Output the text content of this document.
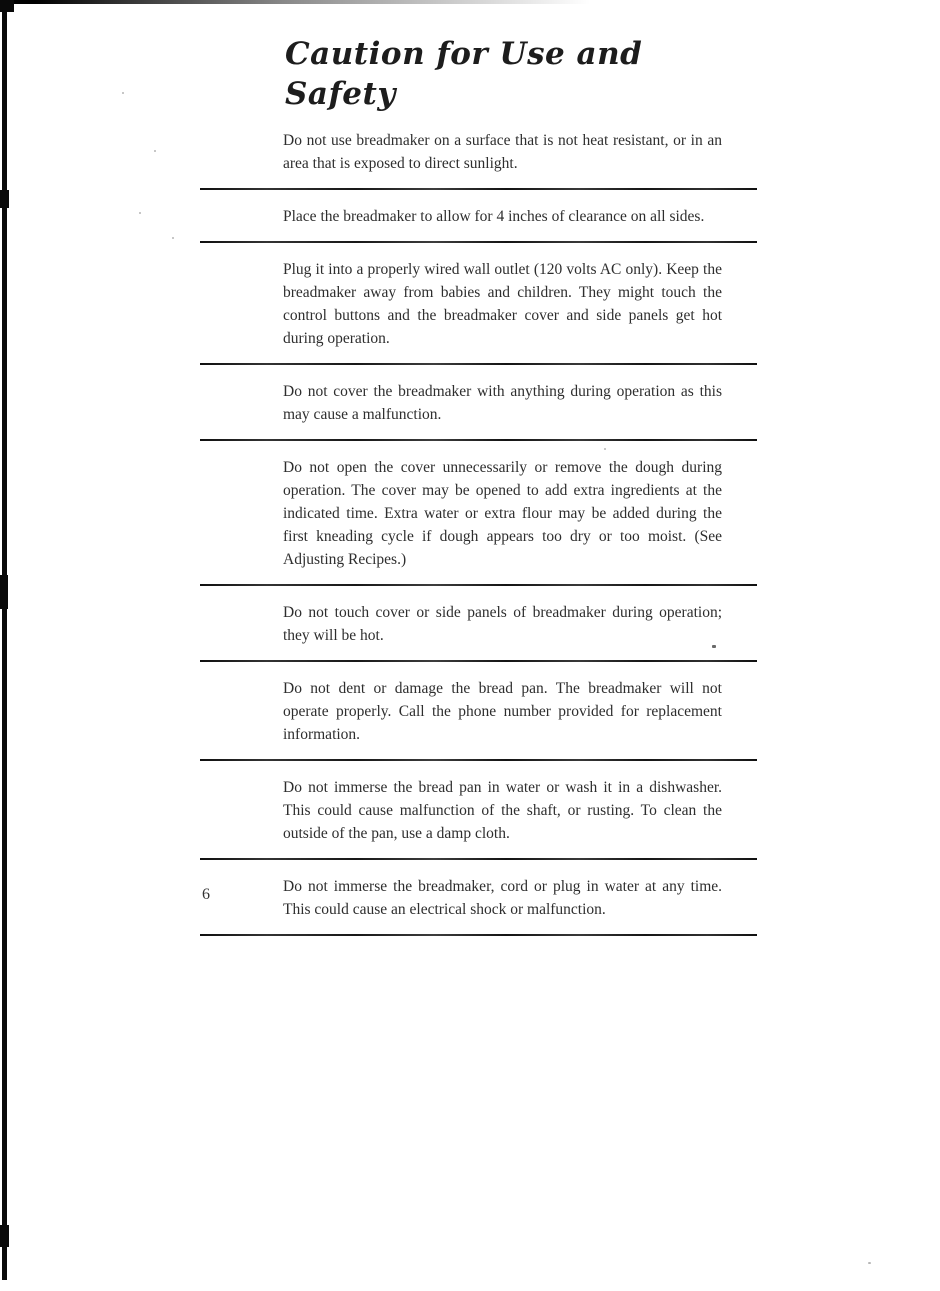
Caution for Use and Safety

Do not use breadmaker on a surface that is not heat resistant, or in an area that is exposed to direct sunlight.

Place the breadmaker to allow for 4 inches of clearance on all sides.

Plug it into a properly wired wall outlet (120 volts AC only). Keep the breadmaker away from babies and children. They might touch the control buttons and the breadmaker cover and side panels get hot during operation.

Do not cover the breadmaker with anything during operation as this may cause a malfunction.

Do not open the cover unnecessarily or remove the dough during operation. The cover may be opened to add extra ingredients at the indicated time. Extra water or extra flour may be added during the first kneading cycle if dough appears too dry or too moist. (See Adjusting Recipes.)

Do not touch cover or side panels of breadmaker during operation; they will be hot.

Do not dent or damage the bread pan. The breadmaker will not operate properly. Call the phone number provided for replacement information.

Do not immerse the bread pan in water or wash it in a dishwasher. This could cause malfunction of the shaft, or rusting. To clean the outside of the pan, use a damp cloth.

Do not immerse the breadmaker, cord or plug in water at any time. This could cause an electrical shock or malfunction.

6
